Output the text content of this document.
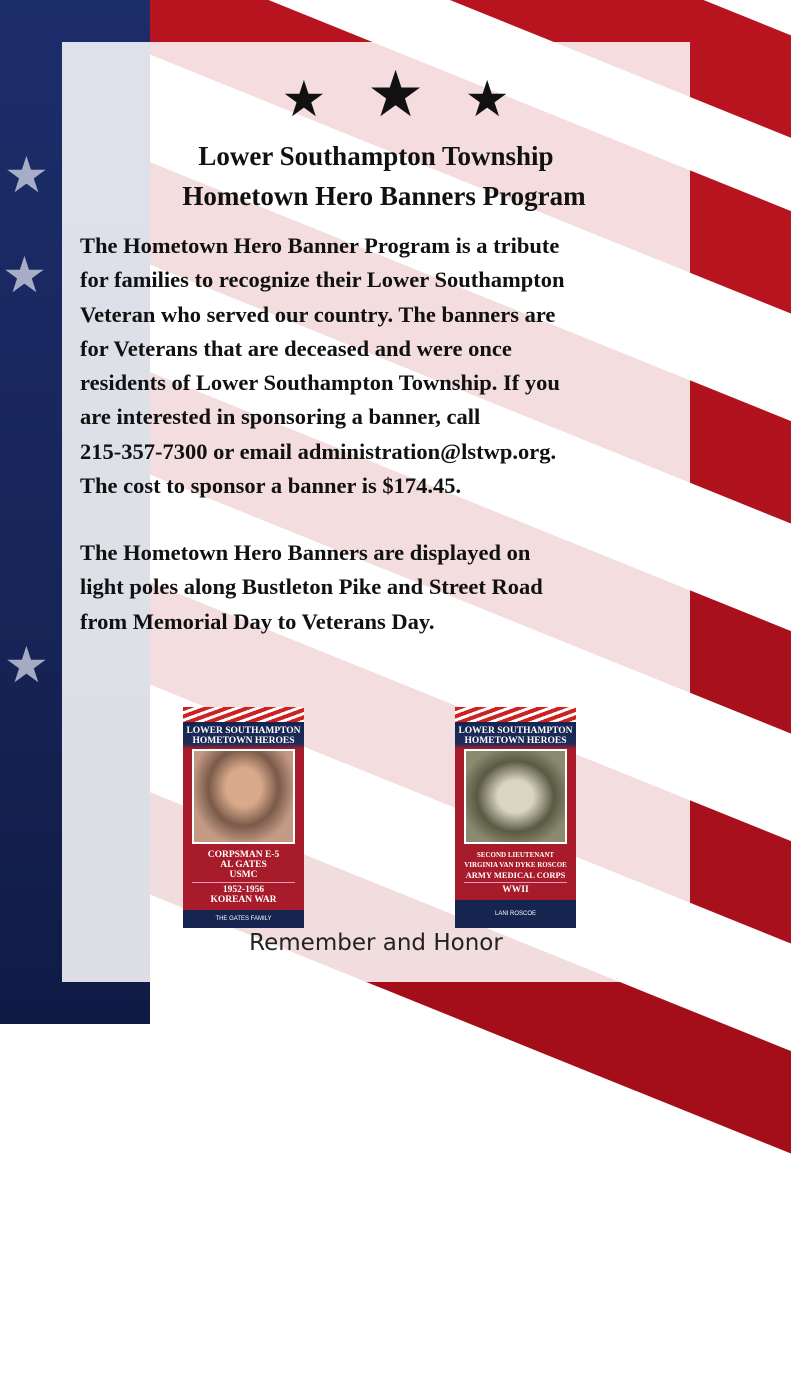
★
★
★
★ ★ ★
Lower Southampton Township
Hometown Hero Banners Program
The Hometown Hero Banner Program is a tribute
for families to recognize their Lower Southampton
Veteran who served our country. The banners are
for Veterans that are deceased and were once
residents of Lower Southampton Township. If you
are interested in sponsoring a banner, call
215-357-7300 or email administration@lstwp.org.
The cost to sponsor a banner is $174.45.
The Hometown Hero Banners are displayed on
light poles along Bustleton Pike and Street Road
from Memorial Day to Veterans Day.
LOWER SOUTHAMPTON
HOMETOWN HEROES
CORPSMAN E-5
AL GATES
USMC
1952-1956
KOREAN WAR
THE GATES FAMILY
LOWER SOUTHAMPTON
HOMETOWN HEROES
SECOND LIEUTENANT
VIRGINIA VAN DYKE ROSCOE
ARMY MEDICAL CORPS
WWII
LANI ROSCOE
Remember and Honor
